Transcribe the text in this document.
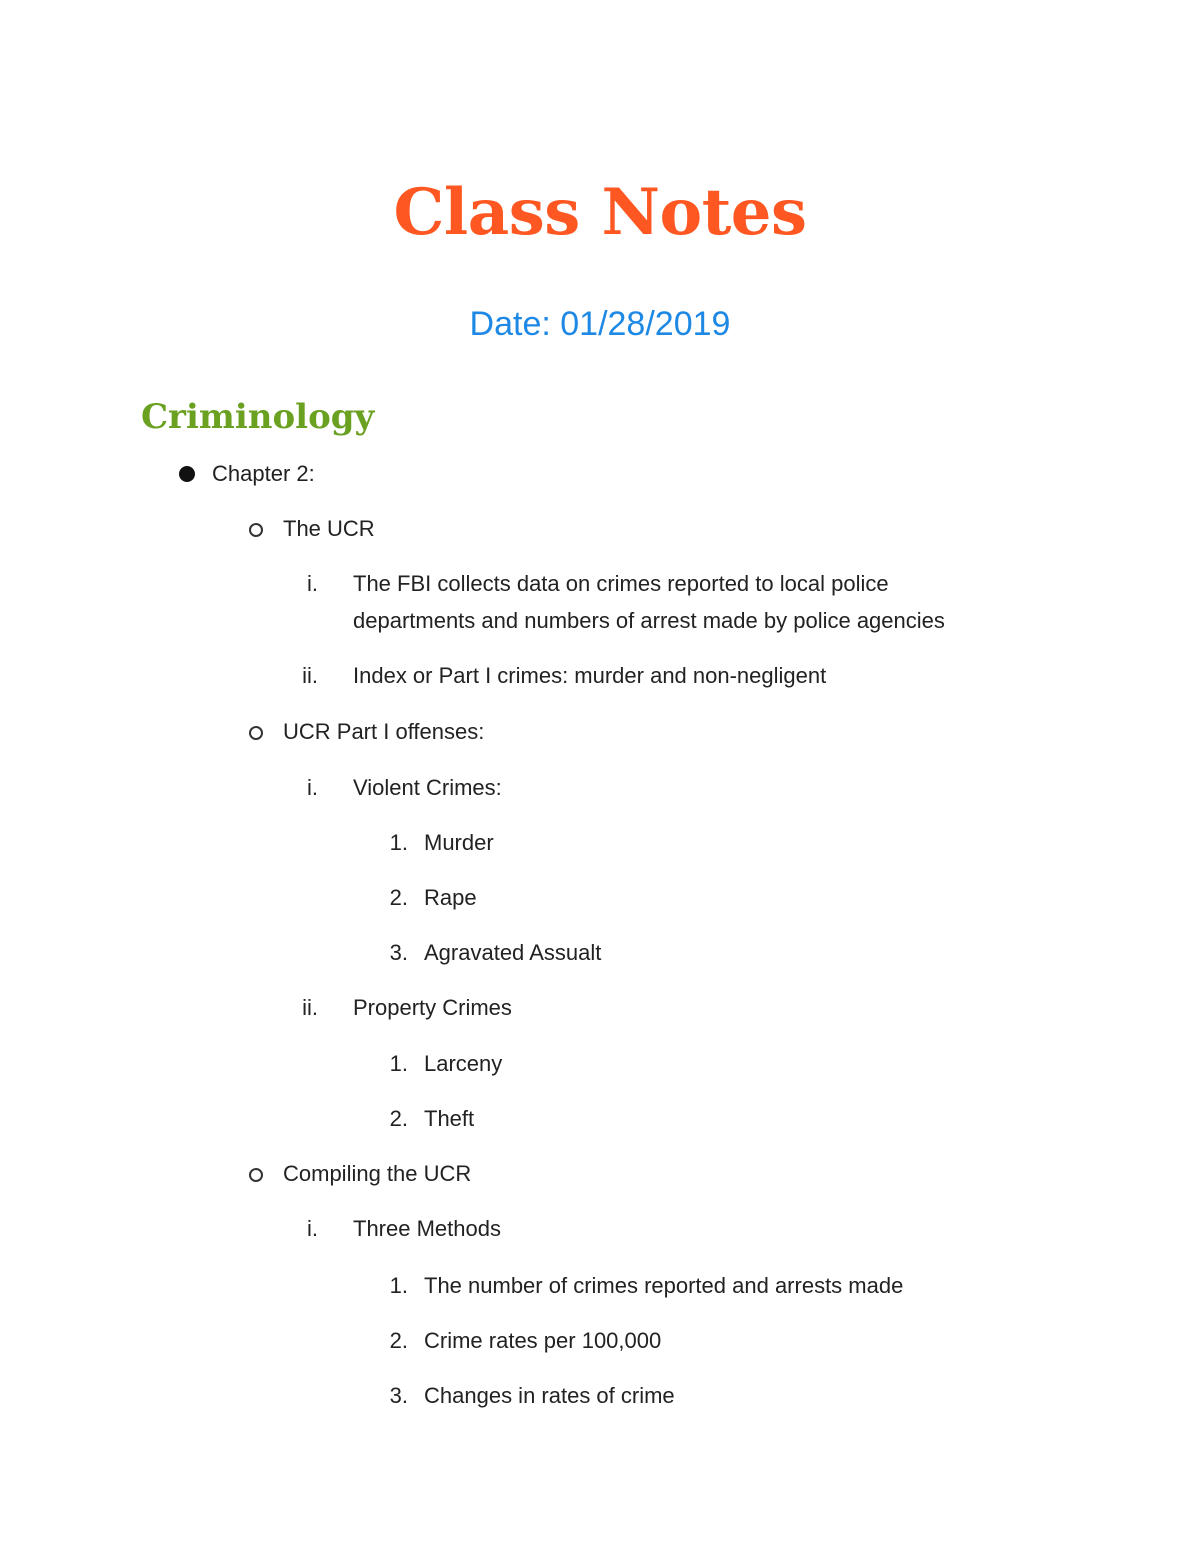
Class Notes
Date: 01/28/2019
Criminology
Chapter 2:
The UCR
i. The FBI collects data on crimes reported to local police
departments and numbers of arrest made by police agencies
ii. Index or Part I crimes: murder and non-negligent
UCR Part I offenses:
i. Violent Crimes:
1. Murder
2. Rape
3. Agravated Assualt
ii. Property Crimes
1. Larceny
2. Theft
Compiling the UCR
i. Three Methods
1. The number of crimes reported and arrests made
2. Crime rates per 100,000
3. Changes in rates of crime
